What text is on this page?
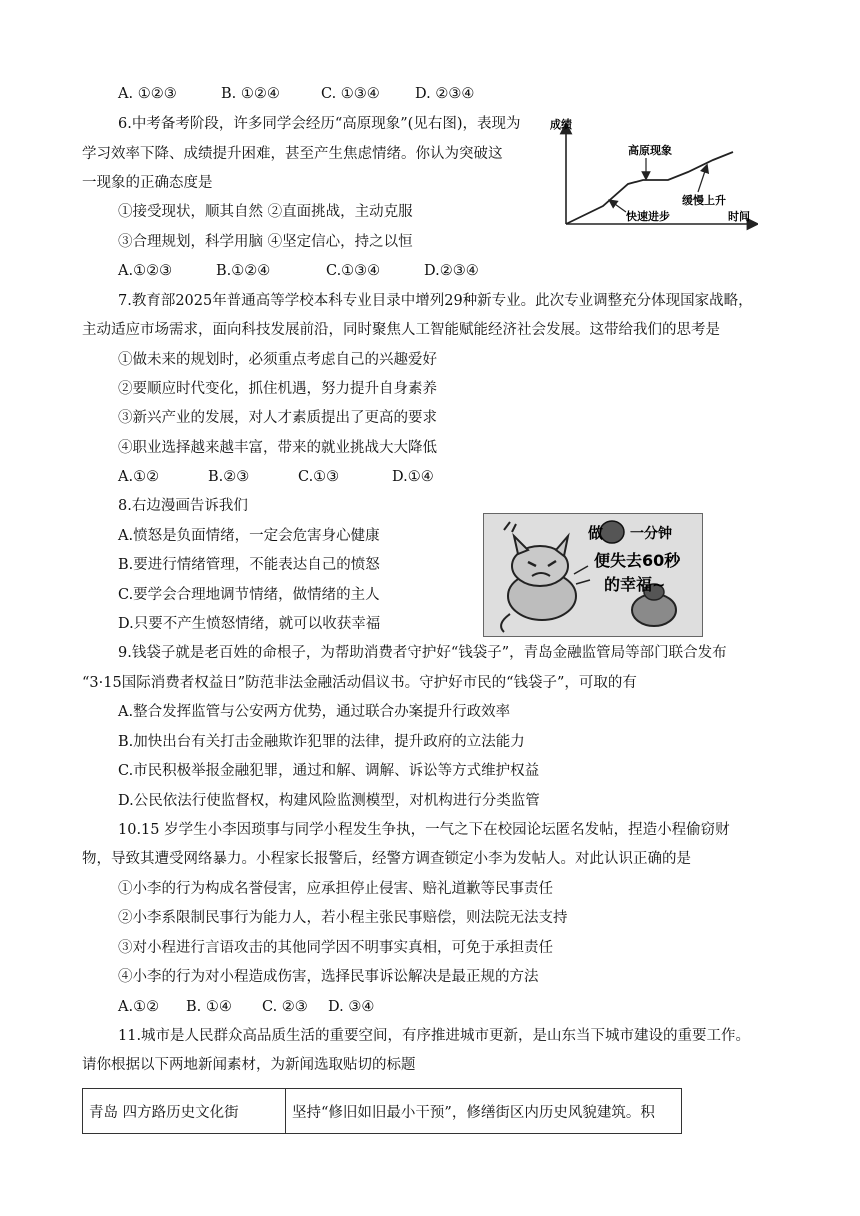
A. ①②③	B. ①②④	C. ①③④ D. ②③④
6.中考备考阶段，许多同学会经历“高原现象”(见右图)，表现为
学习效率下降、成绩提升困难，甚至产生焦虑情绪。你认为突破这
一现象的正确态度是
①接受现状，顺其自然 ②直面挑战，主动克服
③合理规划，科学用脑 ④坚定信心，持之以恒
A.①②③	B.①②④	C.①③④	D.②③④
成绩
时间
高原现象
缓慢上升
快速进步
7.教育部2025年普通高等学校本科专业目录中增列29种新专业。此次专业调整充分体现国家战略，
主动适应市场需求，面向科技发展前沿，同时聚焦人工智能赋能经济社会发展。这带给我们的思考是
①做未来的规划时，必须重点考虑自己的兴趣爱好
②要顺应时代变化，抓住机遇，努力提升自身素养
③新兴产业的发展，对人才素质提出了更高的要求
④职业选择越来越丰富，带来的就业挑战大大降低
A.①②	B.②③	C.①③	D.①④
8.右边漫画告诉我们
A.愤怒是负面情绪，一定会危害身心健康
B.要进行情绪管理，不能表达自己的愤怒
C.要学会合理地调节情绪，做情绪的主人
D.只要不产生愤怒情绪，就可以收获幸福
做 一分钟
便失去60秒
的幸福~
9.钱袋子就是老百姓的命根子，为帮助消费者守护好“钱袋子”，青岛金融监管局等部门联合发布
“3·15国际消费者权益日”防范非法金融活动倡议书。守护好市民的“钱袋子”，可取的有
A.整合发挥监管与公安两方优势，通过联合办案提升行政效率
B.加快出台有关打击金融欺诈犯罪的法律，提升政府的立法能力
C.市民积极举报金融犯罪，通过和解、调解、诉讼等方式维护权益
D.公民依法行使监督权，构建风险监测模型，对机构进行分类监管
10.15 岁学生小李因琐事与同学小程发生争执，一气之下在校园论坛匿名发帖，捏造小程偷窃财
物，导致其遭受网络暴力。小程家长报警后，经警方调查锁定小李为发帖人。对此认识正确的是
①小李的行为构成名誉侵害，应承担停止侵害、赔礼道歉等民事责任
②小李系限制民事行为能力人，若小程主张民事赔偿，则法院无法支持
③对小程进行言语攻击的其他同学因不明事实真相，可免于承担责任
④小李的行为对小程造成伤害，选择民事诉讼解决是最正规的方法
A.①② B. ①④ C. ②③ D. ③④
11.城市是人民群众高品质生活的重要空间，有序推进城市更新，是山东当下城市建设的重要工作。
请你根据以下两地新闻素材，为新闻选取贴切的标题
青岛 四方路历史文化街	坚持“修旧如旧最小干预”，修缮街区内历史风貌建筑。积
